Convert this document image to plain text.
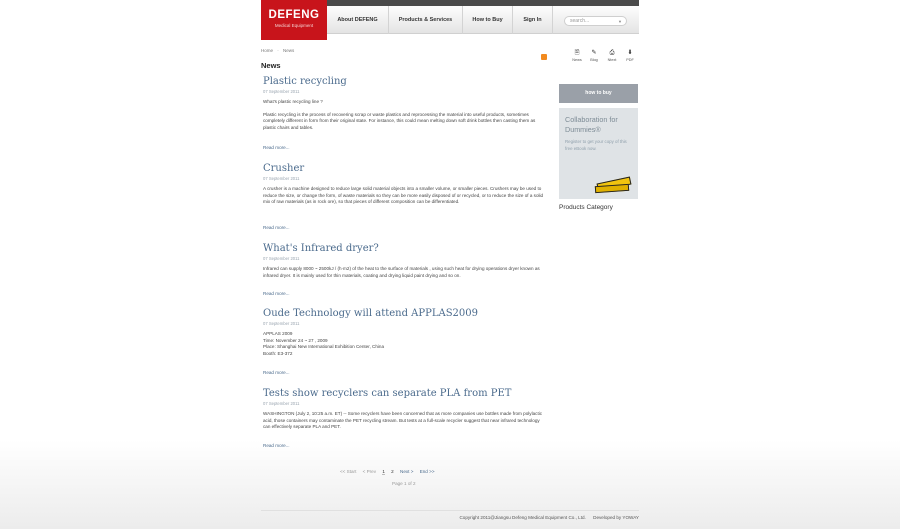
DEFENG
Medical Equipment
About DEFENG	Products & Services	How to Buy	Sign In	search...	▼
Home · News
News
🗎
News
✎
Blog
⎙
Ntext
⬇
PDF
Plastic recycling
07 September 2011

What's plastic recycling line ?

Plastic recycling is the process of recovering scrap or waste plastics and reprocessing the material into useful products, sometimes completely different in form from their original state. For instance, this could mean melting down soft drink bottles then casting them as plastic chairs and tables.

Read more...
Crusher
07 September 2011

A crusher is a machine designed to reduce large solid material objects into a smaller volume, or smaller pieces. Crushers may be used to reduce the size, or change the form, of waste materials so they can be more easily disposed of or recycled, or to reduce the size of a solid mix of raw materials (as in rock ore), so that pieces of different composition can be differentiated.

Read more...
What's Infrared dryer?
07 September 2011

Infrared can supply 8000 ~ 2500kJ / (h·m2) of the heat to the surface of materials , using such heat for drying operations dryer known as infrared dryer. It is mainly used for thin materials, coating and drying liquid paint drying and so on.

Read more...
Oude Technology will attend APPLAS2009
07 September 2011

APPLAS 2009

Time: November 24 ~ 27 , 2009

Place: Shanghai New International Exhibition Center, China

Booth: E3-372

Read more...
Tests show recyclers can separate PLA from PET
07 September 2011

WASHINGTON (July 2, 10:25 a.m. ET) -- Some recyclers have been concerned that as more companies use bottles made from polylactic acid, those containers may contaminate the PET recycling stream. But tests at a full-scale recycler suggest that near infrared technology can effectively separate PLA and PET.

Read more...
how to buy
Collaboration for Dummies®
Register to get your copy of this free eBook now.
Products Category
<< Start < Prev 1 2 Next > End >>
Page 1 of 2
Copyright 2011@Jiangsu Defeng Medical Equipment Co., Ltd. Developed by YOWAY
